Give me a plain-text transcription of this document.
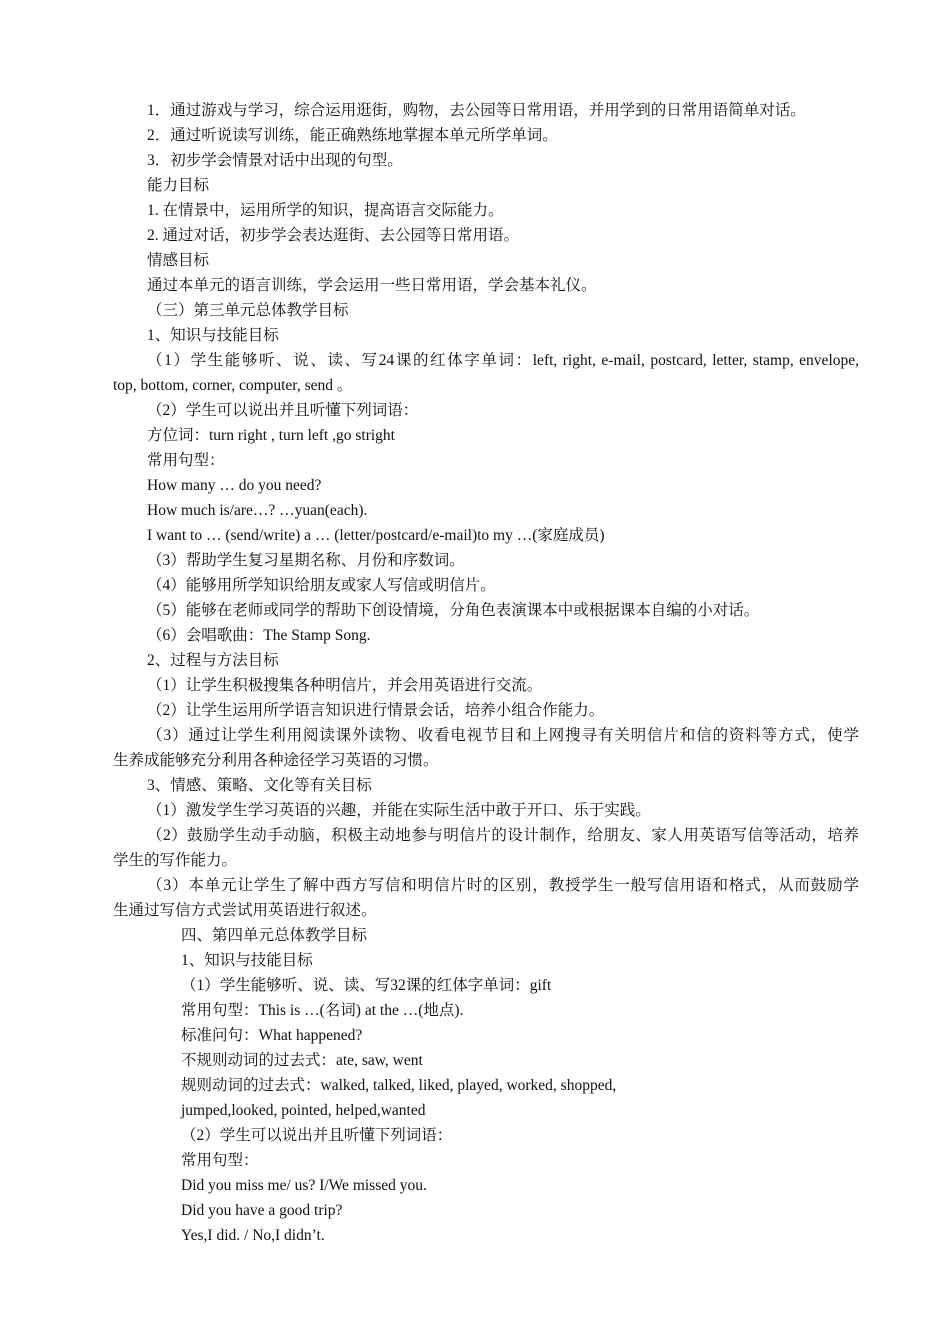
1．通过游戏与学习，综合运用逛街，购物，去公园等日常用语，并用学到的日常用语简单对话。
2．通过听说读写训练，能正确熟练地掌握本单元所学单词。
3．初步学会情景对话中出现的句型。
能力目标
1. 在情景中，运用所学的知识，提高语言交际能力。
2. 通过对话，初步学会表达逛街、去公园等日常用语。
情感目标
通过本单元的语言训练，学会运用一些日常用语，学会基本礼仪。
（三）第三单元总体教学目标
1、知识与技能目标
（1）学生能够听、说、读、写24课的红体字单词：left, right, e-mail, postcard, letter, stamp, envelope,
top, bottom, corner, computer, send 。
（2）学生可以说出并且听懂下列词语：
方位词：turn right , turn left ,go stright
常用句型：
How many … do you need?
How much is/are…? …yuan(each).
I want to … (send/write) a … (letter/postcard/e-mail)to my …(家庭成员)
（3）帮助学生复习星期名称、月份和序数词。
（4）能够用所学知识给朋友或家人写信或明信片。
（5）能够在老师或同学的帮助下创设情境，分角色表演课本中或根据课本自编的小对话。
（6）会唱歌曲：The Stamp Song.
2、过程与方法目标
（1）让学生积极搜集各种明信片，并会用英语进行交流。
（2）让学生运用所学语言知识进行情景会话，培养小组合作能力。
（3）通过让学生利用阅读课外读物、收看电视节目和上网搜寻有关明信片和信的资料等方式，使学
生养成能够充分利用各种途径学习英语的习惯。
3、情感、策略、文化等有关目标
（1）激发学生学习英语的兴趣，并能在实际生活中敢于开口、乐于实践。
（2）鼓励学生动手动脑，积极主动地参与明信片的设计制作，给朋友、家人用英语写信等活动，培养
学生的写作能力。
（3）本单元让学生了解中西方写信和明信片时的区别，教授学生一般写信用语和格式，从而鼓励学
生通过写信方式尝试用英语进行叙述。
四、第四单元总体教学目标
1、知识与技能目标
（1）学生能够听、说、读、写32课的红体字单词：gift
常用句型：This is …(名词) at the …(地点).
标准问句：What happened?
不规则动词的过去式：ate, saw, went
规则动词的过去式：walked, talked, liked, played, worked, shopped,
jumped,looked, pointed, helped,wanted
（2）学生可以说出并且听懂下列词语：
常用句型：
Did you miss me/ us? I/We missed you.
Did you have a good trip?
Yes,I did. / No,I didn’t.
